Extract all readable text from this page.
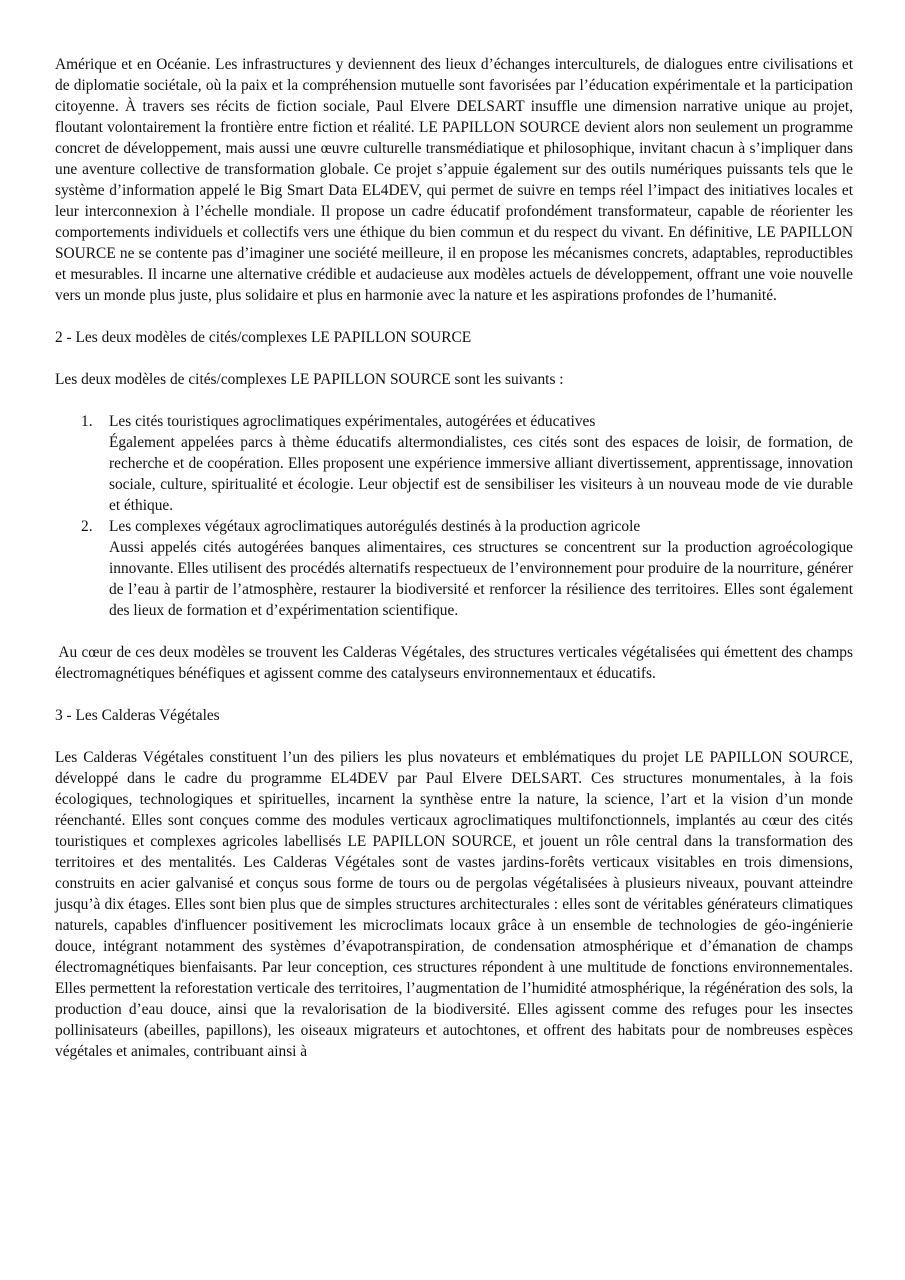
Amérique et en Océanie. Les infrastructures y deviennent des lieux d’échanges interculturels, de dialogues entre civilisations et de diplomatie sociétale, où la paix et la compréhension mutuelle sont favorisées par l’éducation expérimentale et la participation citoyenne. À travers ses récits de fiction sociale, Paul Elvere DELSART insuffle une dimension narrative unique au projet, floutant volontairement la frontière entre fiction et réalité. LE PAPILLON SOURCE devient alors non seulement un programme concret de développement, mais aussi une œuvre culturelle transmédiatique et philosophique, invitant chacun à s’impliquer dans une aventure collective de transformation globale. Ce projet s’appuie également sur des outils numériques puissants tels que le système d’information appelé le Big Smart Data EL4DEV, qui permet de suivre en temps réel l’impact des initiatives locales et leur interconnexion à l’échelle mondiale. Il propose un cadre éducatif profondément transformateur, capable de réorienter les comportements individuels et collectifs vers une éthique du bien commun et du respect du vivant. En définitive, LE PAPILLON SOURCE ne se contente pas d’imaginer une société meilleure, il en propose les mécanismes concrets, adaptables, reproductibles et mesurables. Il incarne une alternative crédible et audacieuse aux modèles actuels de développement, offrant une voie nouvelle vers un monde plus juste, plus solidaire et plus en harmonie avec la nature et les aspirations profondes de l’humanité.

2 - Les deux modèles de cités/complexes LE PAPILLON SOURCE

Les deux modèles de cités/complexes LE PAPILLON SOURCE sont les suivants :

1. Les cités touristiques agroclimatiques expérimentales, autogérées et éducatives
Également appelées parcs à thème éducatifs altermondialistes, ces cités sont des espaces de loisir, de formation, de recherche et de coopération. Elles proposent une expérience immersive alliant divertissement, apprentissage, innovation sociale, culture, spiritualité et écologie. Leur objectif est de sensibiliser les visiteurs à un nouveau mode de vie durable et éthique.
2. Les complexes végétaux agroclimatiques autorégulés destinés à la production agricole
Aussi appelés cités autogérées banques alimentaires, ces structures se concentrent sur la production agroécologique innovante. Elles utilisent des procédés alternatifs respectueux de l’environnement pour produire de la nourriture, générer de l’eau à partir de l’atmosphère, restaurer la biodiversité et renforcer la résilience des territoires. Elles sont également des lieux de formation et d’expérimentation scientifique.

Au cœur de ces deux modèles se trouvent les Calderas Végétales, des structures verticales végétalisées qui émettent des champs électromagnétiques bénéfiques et agissent comme des catalyseurs environnementaux et éducatifs.

3 - Les Calderas Végétales

Les Calderas Végétales constituent l’un des piliers les plus novateurs et emblématiques du projet LE PAPILLON SOURCE, développé dans le cadre du programme EL4DEV par Paul Elvere DELSART. Ces structures monumentales, à la fois écologiques, technologiques et spirituelles, incarnent la synthèse entre la nature, la science, l’art et la vision d’un monde réenchanté. Elles sont conçues comme des modules verticaux agroclimatiques multifonctionnels, implantés au cœur des cités touristiques et complexes agricoles labellisés LE PAPILLON SOURCE, et jouent un rôle central dans la transformation des territoires et des mentalités. Les Calderas Végétales sont de vastes jardins-forêts verticaux visitables en trois dimensions, construits en acier galvanisé et conçus sous forme de tours ou de pergolas végétalisées à plusieurs niveaux, pouvant atteindre jusqu’à dix étages. Elles sont bien plus que de simples structures architecturales : elles sont de véritables générateurs climatiques naturels, capables d'influencer positivement les microclimats locaux grâce à un ensemble de technologies de géo-ingénierie douce, intégrant notamment des systèmes d’évapotranspiration, de condensation atmosphérique et d’émanation de champs électromagnétiques bienfaisants. Par leur conception, ces structures répondent à une multitude de fonctions environnementales. Elles permettent la reforestation verticale des territoires, l’augmentation de l’humidité atmosphérique, la régénération des sols, la production d’eau douce, ainsi que la revalorisation de la biodiversité. Elles agissent comme des refuges pour les insectes pollinisateurs (abeilles, papillons), les oiseaux migrateurs et autochtones, et offrent des habitats pour de nombreuses espèces végétales et animales, contribuant ainsi à
